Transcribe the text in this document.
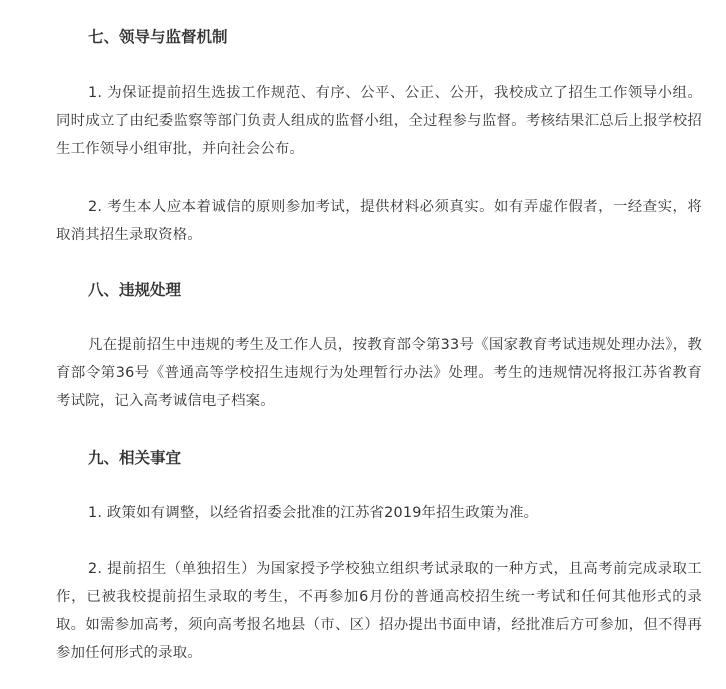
七、领导与监督机制
1. 为保证提前招生选拔工作规范、有序、公平、公正、公开，我校成立了招生工作领导小组。同时成立了由纪委监察等部门负责人组成的监督小组，全过程参与监督。考核结果汇总后上报学校招生工作领导小组审批，并向社会公布。
2. 考生本人应本着诚信的原则参加考试，提供材料必须真实。如有弄虚作假者，一经查实，将取消其招生录取资格。
八、违规处理
凡在提前招生中违规的考生及工作人员，按教育部令第33号《国家教育考试违规处理办法》，教育部令第36号《普通高等学校招生违规行为处理暂行办法》处理。考生的违规情况将报江苏省教育考试院，记入高考诚信电子档案。
九、相关事宜
1. 政策如有调整，以经省招委会批准的江苏省2019年招生政策为准。
2. 提前招生（单独招生）为国家授予学校独立组织考试录取的一种方式，且高考前完成录取工作，已被我校提前招生录取的考生，不再参加6月份的普通高校招生统一考试和任何其他形式的录取。如需参加高考，须向高考报名地县（市、区）招办提出书面申请，经批准后方可参加，但不得再参加任何形式的录取。
